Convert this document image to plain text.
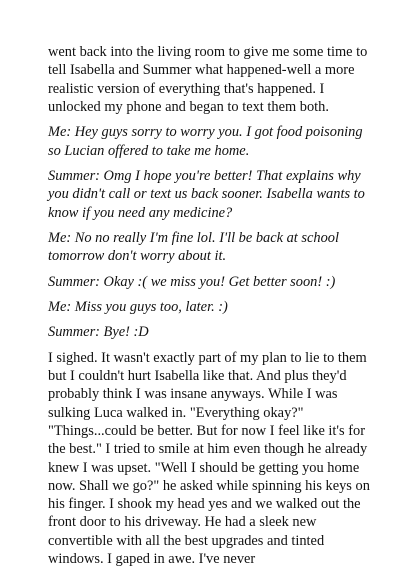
went back into the living room to give me some time to tell Isabella and Summer what happened-well a more realistic version of everything that's happened. I unlocked my phone and began to text them both.

Me: Hey guys sorry to worry you. I got food poisoning so Lucian offered to take me home.

Summer: Omg I hope you're better! That explains why you didn't call or text us back sooner. Isabella wants to know if you need any medicine?

Me: No no really I'm fine lol. I'll be back at school tomorrow don't worry about it.

Summer: Okay :( we miss you! Get better soon! :)

Me: Miss you guys too, later. :)

Summer: Bye! :D

I sighed. It wasn't exactly part of my plan to lie to them but I couldn't hurt Isabella like that. And plus they'd probably think I was insane anyways. While I was sulking Luca walked in. "Everything okay?" "Things...could be better. But for now I feel like it's for the best." I tried to smile at him even though he already knew I was upset. "Well I should be getting you home now. Shall we go?" he asked while spinning his keys on his finger. I shook my head yes and we walked out the front door to his driveway. He had a sleek new convertible with all the best upgrades and tinted windows. I gaped in awe. I've never
